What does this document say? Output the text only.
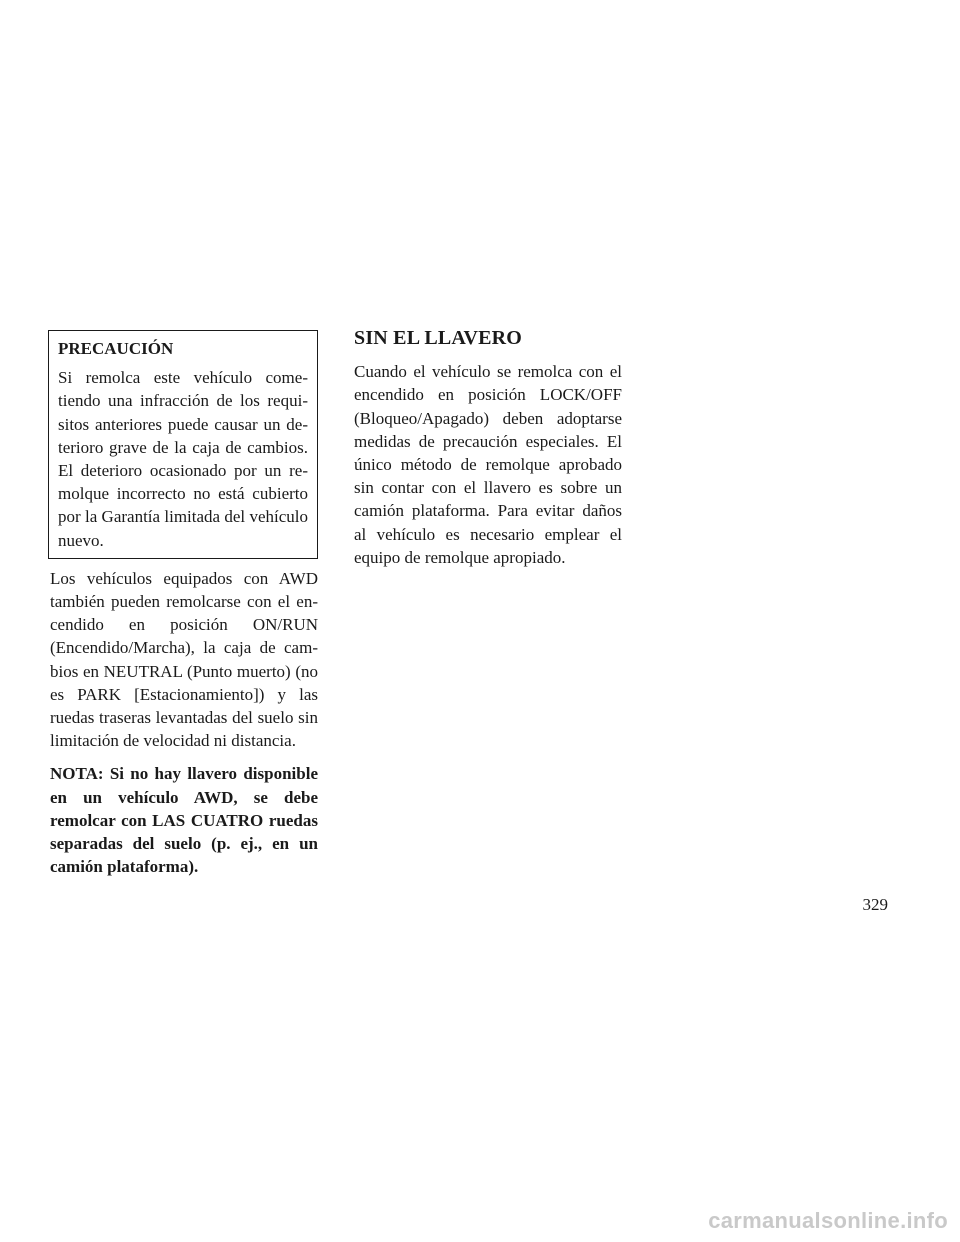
PRECAUCIÓN

Si remolca este vehículo cometiendo una infracción de los requisitos anteriores puede causar un deterioro grave de la caja de cambios. El deterioro ocasionado por un remolque incorrecto no está cubierto por la Garantía limitada del vehículo nuevo.

Los vehículos equipados con AWD también pueden remolcarse con el encendido en posición ON/RUN (Encendido/Marcha), la caja de cambios en NEUTRAL (Punto muerto) (no es PARK [Estacionamiento]) y las ruedas traseras levantadas del suelo sin limitación de velocidad ni distancia.

NOTA: Si no hay llavero disponible en un vehículo AWD, se debe remolcar con LAS CUATRO ruedas separadas del suelo (p. ej., en un camión plataforma).

SIN EL LLAVERO

Cuando el vehículo se remolca con el encendido en posición LOCK/OFF (Bloqueo/Apagado) deben adoptarse medidas de precaución especiales. El único método de remolque aprobado sin contar con el llavero es sobre un camión plataforma. Para evitar daños al vehículo es necesario emplear el equipo de remolque apropiado.

329
carmanualsonline.info
